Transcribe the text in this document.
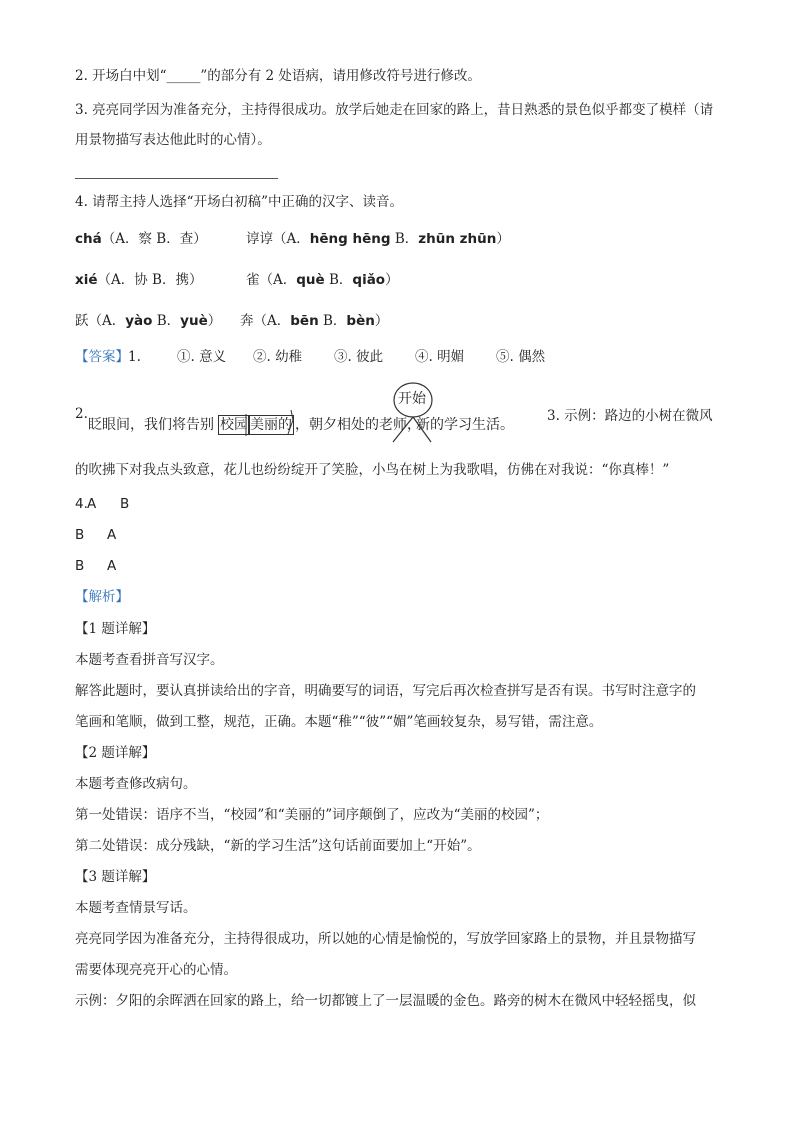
2. 开场白中划“_____”的部分有 2 处语病，请用修改符号进行修改。
3. 亮亮同学因为准备充分，主持得很成功。放学后她走在回家的路上，昔日熟悉的景色似乎都变了模样（请
用景物描写表达他此时的心情）。
4. 请帮主持人选择“开场白初稿”中正确的汉字、读音。
chá（A．察 B．查）	谆谆（A．hēng hēng B．zhūn zhūn）
xié（A．协 B．携）	雀（A．què B．qiǎo）
跃（A．yào B．yuè） 奔（A．bēn B．bèn）
【答案】 1.	①. 意义 ②. 幼稚 ③. 彼此 ④. 明媚 ⑤. 偶然
2.
眨眼间，我们将告别 校园 美丽的 ，朝夕相处的老师，
新的学习生活。
开始
3. 示例：路边的小树在微风
的吹拂下对我点头致意，花儿也纷纷绽开了笑脸，小鸟在树上为我歌唱，仿佛在对我说：“你真棒！”
4. A B
B A
B A
【解析】
【1 题详解】
本题考查看拼音写汉字。
解答此题时，要认真拼读给出的字音，明确要写的词语，写完后再次检查拼写是否有误。书写时注意字的
笔画和笔顺，做到工整，规范，正确。本题“稚”“彼”“媚”笔画较复杂，易写错，需注意。
【2 题详解】
本题考查修改病句。
第一处错误：语序不当，“校园”和“美丽的”词序颠倒了，应改为“美丽的校园”；
第二处错误：成分残缺，“新的学习生活”这句话前面要加上“开始”。
【3 题详解】
本题考查情景写话。
亮亮同学因为准备充分，主持得很成功，所以她的心情是愉悦的，写放学回家路上的景物，并且景物描写
需要体现亮亮开心的心情。
示例：夕阳的余晖洒在回家的路上，给一切都镀上了一层温暖的金色。路旁的树木在微风中轻轻摇曳，似
